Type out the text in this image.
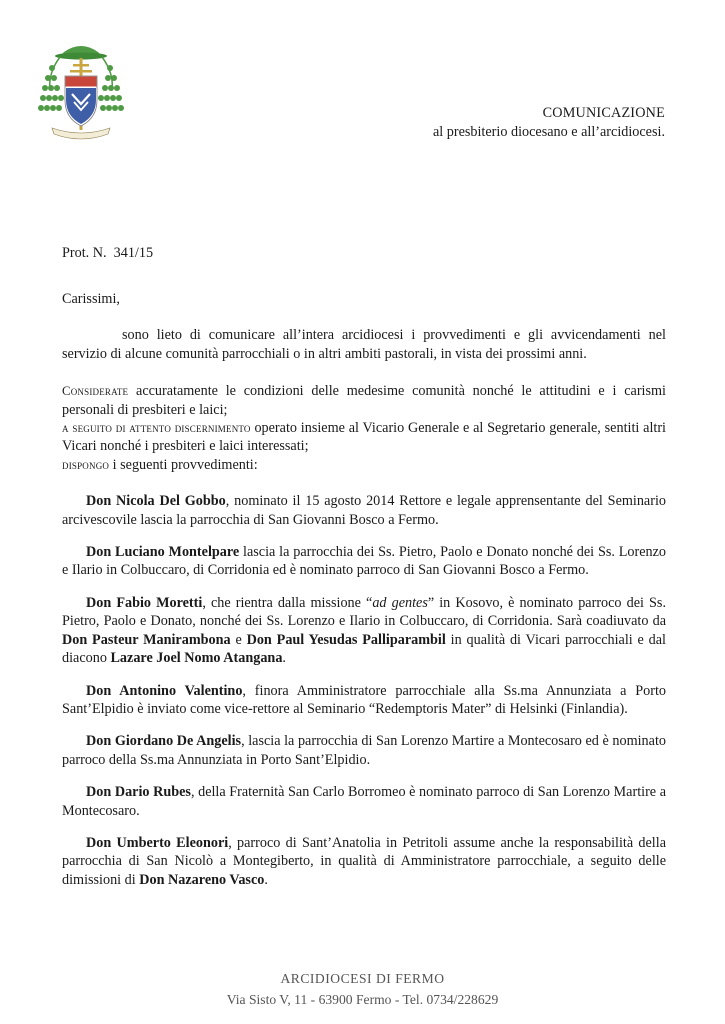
COMUNICAZIONE
al presbiterio diocesano e all’arcidiocesi.
Prot. N.  341/15

Carissimi,

sono lieto di comunicare all’intera arcidiocesi i provvedimenti e gli avvicendamenti nel servizio di alcune comunità parrocchiali o in altri ambiti pastorali, in vista dei prossimi anni.

Considerate accuratamente le condizioni delle medesime comunità nonché le attitudini e i carismi personali di presbiteri e laici;

a seguito di attento discernimento operato insieme al Vicario Generale e al Segretario generale, sentiti altri Vicari nonché i presbiteri e laici interessati;

dispongo i seguenti provvedimenti:

Don Nicola Del Gobbo, nominato il 15 agosto 2014 Rettore e legale apprensentante del Seminario arcivescovile lascia la parrocchia di San Giovanni Bosco a Fermo.

Don Luciano Montelpare lascia la parrocchia dei Ss. Pietro, Paolo e Donato nonché dei Ss. Lorenzo e Ilario in Colbuccaro, di Corridonia ed è nominato parroco di San Giovanni Bosco a Fermo.

Don Fabio Moretti, che rientra dalla missione “ad gentes” in Kosovo, è nominato parroco dei Ss. Pietro, Paolo e Donato, nonché dei Ss. Lorenzo e Ilario in Colbuccaro, di Corridonia. Sarà coadiuvato da Don Pasteur Manirambona e Don Paul Yesudas Palliparambil in qualità di Vicari parrocchiali e dal diacono Lazare Joel Nomo Atangana.

Don Antonino Valentino, finora Amministratore parrocchiale alla Ss.ma Annunziata a Porto Sant’Elpidio è inviato come vice-rettore al Seminario “Redemptoris Mater” di Helsinki (Finlandia).

Don Giordano De Angelis, lascia la parrocchia di San Lorenzo Martire a Montecosaro ed è nominato parroco della Ss.ma Annunziata in Porto Sant’Elpidio.

Don Dario Rubes, della Fraternità San Carlo Borromeo è nominato parroco di San Lorenzo Martire a Montecosaro.

Don Umberto Eleonori, parroco di Sant’Anatolia in Petritoli assume anche la responsabilità della parrocchia di San Nicolò a Montegiberto, in qualità di Amministratore parrocchiale, a seguito delle dimissioni di Don Nazareno Vasco.

ARCIDIOCESI DI FERMO
Via Sisto V, 11 - 63900 Fermo - Tel. 0734/228629
